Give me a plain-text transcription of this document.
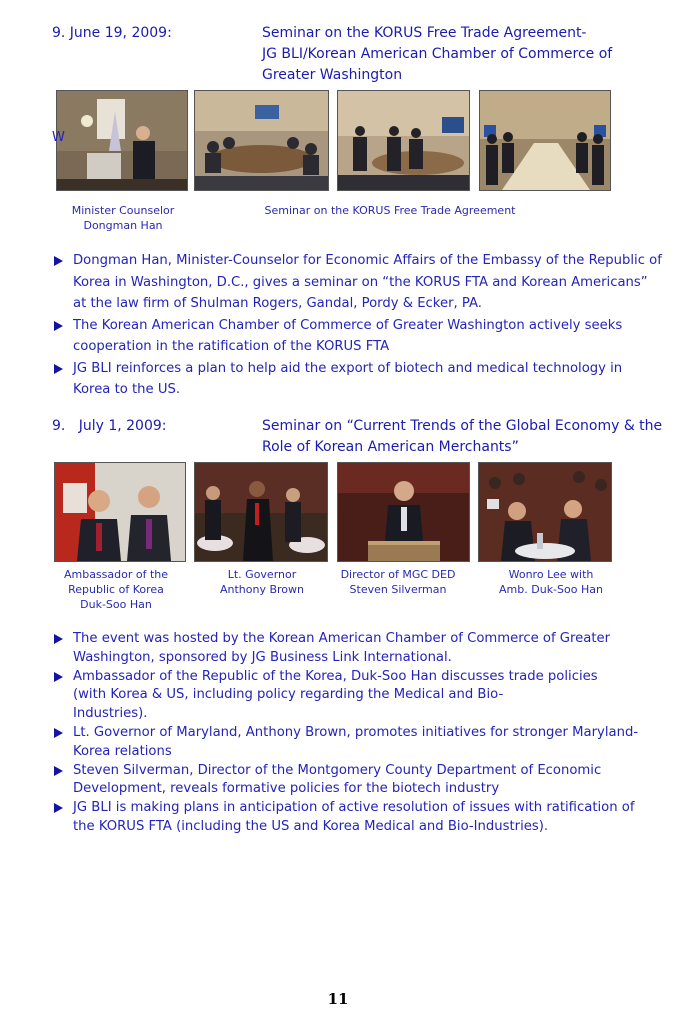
9. June 19, 2009:	Seminar on the KORUS Free Trade Agreement-
JG BLI/Korean American Chamber of Commerce of
Greater Washington
W
Minister Counselor
Dongman Han
Seminar on the KORUS Free Trade Agreement
Dongman Han, Minister-Counselor for Economic Affairs of the Embassy of the Republic of Korea in Washington, D.C., gives a seminar on “the KORUS FTA and Korean Americans” at the law firm of Shulman Rogers, Gandal, Pordy & Ecker, PA.
The Korean American Chamber of Commerce of Greater Washington actively seeks cooperation in the ratification of the KORUS FTA
JG BLI reinforces a plan to help aid the export of biotech and medical technology in Korea to the US.
9.   July 1, 2009:	Seminar on “Current Trends of the Global Economy & the
Role of Korean American Merchants”
Ambassador of the
Republic of Korea
Duk-Soo Han
Lt. Governor
Anthony Brown
Director of MGC DED
Steven Silverman
Wonro Lee with
Amb. Duk-Soo Han
The event was hosted by the Korean American Chamber of Commerce of Greater
Washington, sponsored by JG Business Link International.
Ambassador of the Republic of the Korea, Duk-Soo Han discusses trade policies
(with Korea & US, including policy regarding the Medical and Bio-
Industries).
Lt. Governor of Maryland, Anthony Brown, promotes initiatives for stronger Maryland-
Korea relations
Steven Silverman, Director of the Montgomery County Department of Economic
Development, reveals formative policies for the biotech industry
JG BLI is making plans in anticipation of active resolution of issues with ratification of
the KORUS FTA (including the US and Korea Medical and Bio-Industries).
11
